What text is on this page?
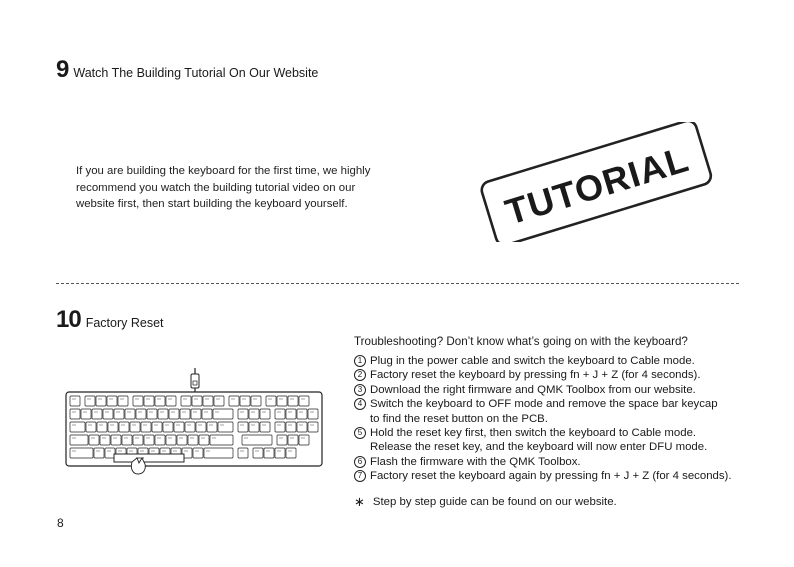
9 Watch The Building Tutorial On Our Website
If you are building the keyboard for the first time, we highly
recommend you watch the building tutorial video on our
website first, then start building the keyboard yourself.	TUTORIAL
10 Factory Reset
Troubleshooting? Don’t know what’s going on with the keyboard?
1 Plug in the power cable and switch the keyboard to Cable mode.
2 Factory reset the keyboard by pressing fn + J + Z (for 4 seconds).
3 Download the right firmware and QMK Toolbox from our website.
4 Switch the keyboard to OFF mode and remove the space bar keycap
to find the reset button on the PCB.
5 Hold the reset key first, then switch the keyboard to Cable mode.
Release the reset key, and the keyboard will now enter DFU mode.
6 Flash the firmware with the QMK Toolbox.
7 Factory reset the keyboard again by pressing fn + J + Z (for 4 seconds).
∗ Step by step guide can be found on our website.
8
